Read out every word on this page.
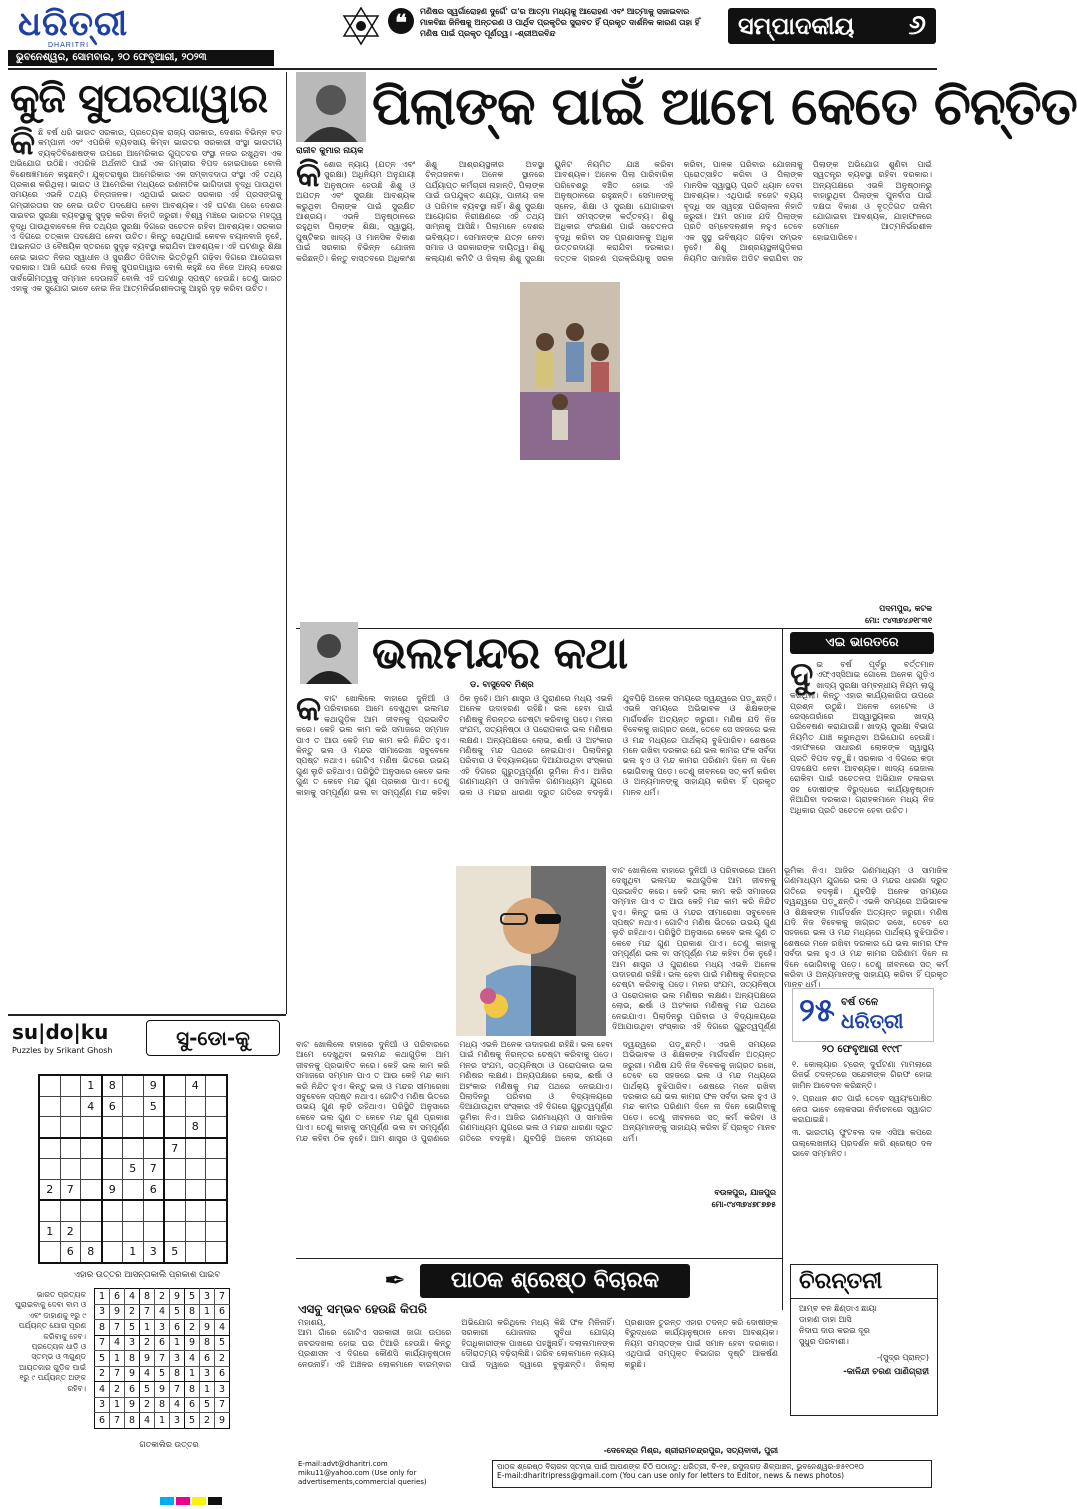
ଧରିତ୍ରୀ
DHARITRI
ଭୁବନେଶ୍ୱର, ସୋମବାର, ୨୦ ଫେବୃଆରୀ, ୨୦୨୩
❝	ମଣିଷର ସ୍ୱର୍ଗାରୋହଣ ଦୁର୍ଗେ' ତା'ର ଆତ୍ମା ମଧ୍ୟକୁ ଆରୋହଣ ଏବଂ ଆତ୍ମାକୁ ସଜାଇବାର ମାଳବିଛା ଜିନିଷକୁ ଅନ୍ତରଣ ଓ ପାର୍ଥିବ ପ୍ରକୃତିର ସୁରାବତ ହିଁ ପ୍ରକୃତ ଦାର୍ଶନିକ କାରଣ ତାହା ହିଁ ମଣିଷ ପାଇଁ ପ୍ରକୃତ ପୂର୍ଣତ୍ୱ। -ଶ୍ରୀଅରବିନ୍ଦ	ସମ୍ପାଦକୀୟ ୬
କୁଜି ସୁପରପାୱାର
କିଛି ବର୍ଷ ଧରି ଭାରତ ସରକାର, ପ୍ରତ୍ୟେକ ରାଜ୍ୟ ସରକାର, ଦେଶର ବିଭିନ୍ନ ବଡ଼ କମ୍ପାନୀ ଏବଂ ଏପରିକି ବ୍ୟବସାୟ କିମ୍ବା ଭାରତର ସରକାରୀ ସଂସ୍ଥା ଭାରତୀୟ ବ୍ୟକ୍ତିବିଶେଷଙ୍କ ଉପରେ ଆମେରିକାର ଗୁପ୍ତଚର ସଂସ୍ଥା ନଜର ରଖୁଥିବା ଏକ ଅଭିଯୋଗ ଉଠିଛି। ଏପରିକି ଅର୍ଥନୀତି ପାଇଁ ଏକ ଗମ୍ଭୀର ବିପଦ ହୋଇପାରେ ବୋଲି ବିଶେଷଜ୍ଞମାନେ କହୁଛନ୍ତି। ଯୁକ୍ତରାଷ୍ଟ୍ର ଆମେରିକାର ଏକ ସମ୍ବାଦଦାତା ସଂସ୍ଥା ଏହି ତଥ୍ୟ ପ୍ରକାଶ କରିଥିଲା। ଭାରତ ଓ ଆମେରିକା ମଧ୍ୟରେ ରଣନୀତିକ ଭାଗିଦାରୀ ବୃଦ୍ଧି ପାଉଥିବା ସମୟରେ ଏଭଳି ତଥ୍ୟ ଚିନ୍ତାଜନକ। ଏଥିପାଇଁ ଭାରତ ସରକାର ଏହି ପ୍ରସଙ୍ଗକୁ ଗମ୍ଭୀରତାର ସହ ନେଇ ଉଚିତ ପଦକ୍ଷେପ ନେବା ଆବଶ୍ୟକ। ଏହି ଘଟଣା ପରେ ଦେଶର ସାଇବର ସୁରକ୍ଷା ବ୍ୟବସ୍ଥାକୁ ସୁଦୃଢ଼ କରିବା ନିହାତି ଜରୁରୀ। ବିଶ୍ୱ ମଞ୍ଚରେ ଭାରତର ମହତ୍ତ୍ୱ ବୃଦ୍ଧି ପାଉଥିବାବେଳେ ନିଜ ତଥ୍ୟର ସୁରକ୍ଷା ଦିଗରେ ସଚେତନ ରହିବା ଆବଶ୍ୟକ। ସରକାର ଏ ଦିଗରେ ତତ୍କାଳ ପଦକ୍ଷେପ ନେବା ଉଚିତ। କିନ୍ତୁ ସେଥିପାଇଁ କେବଳ ବୟାନବାଜି ନୁହେଁ, ଆଇନଗତ ଓ ବୈଷୟିକ ସ୍ତରରେ ସୁଦୃଢ଼ ବ୍ୟବସ୍ଥା କରାଯିବା ଆବଶ୍ୟକ। ଏହି ଘଟଣାରୁ ଶିକ୍ଷା ନେଇ ଭାରତ ନିଜର ସ୍ୱାଧୀନ ଓ ସୁରକ୍ଷିତ ଡିଜିଟାଲ ଭିତ୍ତିଭୂମି ଗଢ଼ିବା ଦିଗରେ ଆଗେଇବା ଦରକାର। ଆଜି ଯେଉଁ ଦେଶ ନିଜକୁ ସୁପରପାୱାର ବୋଲି କହୁଛି ସେ ନିଜେ ଅନ୍ୟ ଦେଶର ସାର୍ବଭୌମତ୍ୱକୁ ସମ୍ମାନ ଦେଉନାହିଁ ବୋଲି ଏହି ଘଟଣାରୁ ସ୍ପଷ୍ଟ ହେଉଛି। ତେଣୁ ଭାରତ ଏହାକୁ ଏକ ସୁଯୋଗ ଭାବେ ନେଇ ନିଜ ଆତ୍ମନିର୍ଭରଶୀଳତାକୁ ଆହୁରି ଦୃଢ଼ କରିବା ଉଚିତ।
ରାଜୀବ କୁମାର ନାୟକ
ପିଲାଙ୍କ ପାଇଁ ଆମେ କେତେ ଚିନ୍ତିତ
କିଶୋର ନ୍ୟାୟ (ଯତ୍ନ ଏବଂ ସୁରକ୍ଷା) ଅଧିନିୟମ ଅନୁଯାୟୀ ଅନୁଷ୍ଠାନ ହେଉଛି ଶିଶୁ ଓ ଅଯତ୍ନ ଏବଂ ସୁରକ୍ଷା ଆବଶ୍ୟକ କରୁଥିବା ପିଲାଙ୍କ ପାଇଁ ସୁରକ୍ଷିତ ଆଶ୍ରୟ। ଏଭଳି ଅନୁଷ୍ଠାନରେ ରହୁଥିବା ପିଲାଙ୍କ ଶିକ୍ଷା, ସ୍ୱାସ୍ଥ୍ୟ, ପୁଷ୍ଟିକର ଖାଦ୍ୟ ଓ ମାନସିକ ବିକାଶ ପାଇଁ ସରକାର ବିଭିନ୍ନ ଯୋଜନା କରିଛନ୍ତି। କିନ୍ତୁ ବାସ୍ତବରେ ଅଧିକାଂଶ ଶିଶୁ ଆଶ୍ରୟସ୍ଥଳୀର ଅବସ୍ଥା ଚିନ୍ତାଜନକ। ଅନେକ ସ୍ଥାନରେ ପର୍ଯ୍ୟାପ୍ତ କର୍ମଚାରୀ ନାହାନ୍ତି, ପିଲାଙ୍କ ପାଇଁ ଉପଯୁକ୍ତ ଶଯ୍ୟା, ପାନୀୟ ଜଳ ଓ ପରିମଳ ବ୍ୟବସ୍ଥା ନାହିଁ। ଶିଶୁ ସୁରକ୍ଷା ଆୟୋଗର ନିରୀକ୍ଷଣରେ ଏହି ତଥ୍ୟ ସାମ୍ନାକୁ ଆସିଛି। ପିଲାମାନେ ଦେଶର ଭବିଷ୍ୟତ। ସେମାନଙ୍କ ଯତ୍ନ ନେବା ସମାଜ ଓ ସରକାରଙ୍କ ଦାୟିତ୍ୱ। ଶିଶୁ କଲ୍ୟାଣ କମିଟି ଓ ଜିଲ୍ଲା ଶିଶୁ ସୁରକ୍ଷା ୟୁନିଟ ନିୟମିତ ଯାଞ୍ଚ କରିବା ଆବଶ୍ୟକ। ଅନେକ ପିଲା ପାରିବାରିକ ପରିବେଶରୁ ବଞ୍ଚିତ ହୋଇ ଏହି ଅନୁଷ୍ଠାନରେ ରହୁଛନ୍ତି। ସେମାନଙ୍କୁ ସ୍ନେହ, ଶିକ୍ଷା ଓ ସୁରକ୍ଷା ଯୋଗାଇବା ଆମ ସମସ୍ତଙ୍କ କର୍ତ୍ତବ୍ୟ। ଶିଶୁ ଅଧିକାର ସଂରକ୍ଷଣ ପାଇଁ ସଚେତନତା ବୃଦ୍ଧି କରିବା ସହ ପ୍ରଶାସନକୁ ଅଧିକ ଉତ୍ତରଦାୟୀ କରାଯିବା ଦରକାର। ଦତ୍ତକ ଗ୍ରହଣ ପ୍ରକ୍ରିୟାକୁ ସରଳ କରିବା, ପାଳକ ପରିବାର ଯୋଜନାକୁ ପ୍ରୋତ୍ସାହିତ କରିବା ଓ ପିଲାଙ୍କ ମାନସିକ ସ୍ୱାସ୍ଥ୍ୟ ପ୍ରତି ଧ୍ୟାନ ଦେବା ଆବଶ୍ୟକ। ଏଥିପାଇଁ ବଜେଟ ବ୍ୟୟ ବୃଦ୍ଧି ସହ ସ୍ୱଚ୍ଛ ପରିଚାଳନା ନିହାତି ଜରୁରୀ। ଆମ ସମାଜ ଯଦି ପିଲାଙ୍କ ପ୍ରତି ସମ୍ବେଦନଶୀଳ ନହୁଏ ତେବେ ଏକ ସୁସ୍ଥ ଭବିଷ୍ୟତ ଗଢ଼ିବା ସମ୍ଭବ ନୁହେଁ। ଶିଶୁ ଆଶ୍ରୟସ୍ଥଳୀଗୁଡ଼ିକର ନିୟମିତ ସାମାଜିକ ଅଡିଟ କରାଯିବା ସହ ପିଲାଙ୍କ ଅଭିଯୋଗ ଶୁଣିବା ପାଇଁ ସ୍ୱତନ୍ତ୍ର ବ୍ୟବସ୍ଥା ରହିବା ଦରକାର। ଅନ୍ୟପକ୍ଷରେ ଏଭଳି ଅନୁଷ୍ଠାନରୁ ବାହାରୁଥିବା ପିଲାଙ୍କ ପୁନର୍ବାସ ପାଇଁ ଦକ୍ଷତା ବିକାଶ ଓ ବୃତ୍ତିଗତ ତାଲିମ ଯୋଗାଇବା ଆବଶ୍ୟକ, ଯାହାଫଳରେ ସେମାନେ ଆତ୍ମନିର୍ଭରଶୀଳ ହୋଇପାରିବେ।
ପଦମପୁର, କଟକ
ମୋ: ୯୪୩୭୪୬୧୮୩୧
ଡ. ବାସୁଦେବ ମିଶ୍ର
ଭଲମନ୍ଦର କଥା
କବାଟ ଖୋଲିଲେ ବାହାରେ ଦୁନିଆଁ ଓ ପରିବାରରେ ଆମେ ଦେଖୁଥିବା ଭଲମନ୍ଦ କଥାଗୁଡ଼ିକ ଆମ ଜୀବନକୁ ପ୍ରଭାବିତ କରେ। କେହି ଭଲ କାମ କରି ସମାଜରେ ସମ୍ମାନ ପାଏ ତ ଆଉ କେହି ମନ୍ଦ କାମ କରି ନିନ୍ଦିତ ହୁଏ। କିନ୍ତୁ ଭଲ ଓ ମନ୍ଦର ସୀମାରେଖା ସବୁବେଳେ ସ୍ପଷ୍ଟ ନଥାଏ। ଗୋଟିଏ ମଣିଷ ଭିତରେ ଉଭୟ ଗୁଣ ଲୁଚି ରହିଥାଏ। ପରିସ୍ଥିତି ଅନୁସାରେ କେବେ ଭଲ ଗୁଣ ତ କେବେ ମନ୍ଦ ଗୁଣ ପ୍ରକାଶ ପାଏ। ତେଣୁ କାହାକୁ ସମ୍ପୂର୍ଣ୍ଣ ଭଲ ବା ସମ୍ପୂର୍ଣ୍ଣ ମନ୍ଦ କହିବା ଠିକ ନୁହେଁ। ଆମ ଶାସ୍ତ୍ର ଓ ପୁରାଣରେ ମଧ୍ୟ ଏଭଳି ଅନେକ ଉଦାହରଣ ରହିଛି। ଭଲ ହେବା ପାଇଁ ମଣିଷକୁ ନିରନ୍ତର ଚେଷ୍ଟା କରିବାକୁ ପଡ଼େ। ମନର ସଂଯମ, ସତ୍ୟନିଷ୍ଠା ଓ ପରୋପକାର ଭଲ ମଣିଷର ଲକ୍ଷଣ। ଅନ୍ୟପକ୍ଷରେ ଲୋଭ, ଈର୍ଷା ଓ ଅହଂକାର ମଣିଷକୁ ମନ୍ଦ ପଥରେ ନେଇଯାଏ। ପିଲାଦିନରୁ ପରିବାର ଓ ବିଦ୍ୟାଳୟରେ ଦିଆଯାଉଥିବା ସଂସ୍କାର ଏହି ଦିଗରେ ଗୁରୁତ୍ୱପୂର୍ଣ୍ଣ ଭୂମିକା ନିଏ। ଆଜିର ଗଣମାଧ୍ୟମ ଓ ସାମାଜିକ ଗଣମାଧ୍ୟମ ଯୁଗରେ ଭଲ ଓ ମନ୍ଦର ଧାରଣା ଦ୍ରୁତ ଗତିରେ ବଦଳୁଛି। ଯୁବପିଢ଼ି ଅନେକ ସମୟରେ ଦ୍ୱନ୍ଦ୍ୱରେ ପଡ଼ୁଛନ୍ତି। ଏଭଳି ସମୟରେ ଅଭିଭାବକ ଓ ଶିକ୍ଷକଙ୍କ ମାର୍ଗଦର୍ଶନ ଅତ୍ୟନ୍ତ ଜରୁରୀ। ମଣିଷ ଯଦି ନିଜ ବିବେକକୁ ଜାଗ୍ରତ ରଖେ, ତେବେ ସେ ସହଜରେ ଭଲ ଓ ମନ୍ଦ ମଧ୍ୟରେ ପାର୍ଥକ୍ୟ ବୁଝିପାରିବ। ଶେଷରେ ମନେ ରଖିବା ଦରକାର ଯେ ଭଲ କାମର ଫଳ ସର୍ବଦା ଭଲ ହୁଏ ଓ ମନ୍ଦ କାମର ପରିଣାମ ଦିନେ ନା ଦିନେ ଭୋଗିବାକୁ ପଡ଼େ। ତେଣୁ ଜୀବନରେ ସତ୍ କର୍ମ କରିବା ଓ ଅନ୍ୟମାନଙ୍କୁ ସାହାଯ୍ୟ କରିବା ହିଁ ପ୍ରକୃତ ମାନବ ଧର୍ମ।
ବାଟ ଖୋଲିଲେ ବାହାରେ ଦୁନିଆଁ ଓ ପରିବାରରେ ଆମେ ଦେଖୁଥିବା ଭଲମନ୍ଦ କଥାଗୁଡ଼ିକ ଆମ ଜୀବନକୁ ପ୍ରଭାବିତ କରେ। କେହି ଭଲ କାମ କରି ସମାଜରେ ସମ୍ମାନ ପାଏ ତ ଆଉ କେହି ମନ୍ଦ କାମ କରି ନିନ୍ଦିତ ହୁଏ। କିନ୍ତୁ ଭଲ ଓ ମନ୍ଦର ସୀମାରେଖା ସବୁବେଳେ ସ୍ପଷ୍ଟ ନଥାଏ। ଗୋଟିଏ ମଣିଷ ଭିତରେ ଉଭୟ ଗୁଣ ଲୁଚି ରହିଥାଏ। ପରିସ୍ଥିତି ଅନୁସାରେ କେବେ ଭଲ ଗୁଣ ତ କେବେ ମନ୍ଦ ଗୁଣ ପ୍ରକାଶ ପାଏ। ତେଣୁ କାହାକୁ ସମ୍ପୂର୍ଣ୍ଣ ଭଲ ବା ସମ୍ପୂର୍ଣ୍ଣ ମନ୍ଦ କହିବା ଠିକ ନୁହେଁ। ଆମ ଶାସ୍ତ୍ର ଓ ପୁରାଣରେ ମଧ୍ୟ ଏଭଳି ଅନେକ ଉଦାହରଣ ରହିଛି। ଭଲ ହେବା ପାଇଁ ମଣିଷକୁ ନିରନ୍ତର ଚେଷ୍ଟା କରିବାକୁ ପଡ଼େ। ମନର ସଂଯମ, ସତ୍ୟନିଷ୍ଠା ଓ ପରୋପକାର ଭଲ ମଣିଷର ଲକ୍ଷଣ। ଅନ୍ୟପକ୍ଷରେ ଲୋଭ, ଈର୍ଷା ଓ ଅହଂକାର ମଣିଷକୁ ମନ୍ଦ ପଥରେ ନେଇଯାଏ। ପିଲାଦିନରୁ ପରିବାର ଓ ବିଦ୍ୟାଳୟରେ ଦିଆଯାଉଥିବା ସଂସ୍କାର ଏହି ଦିଗରେ ଗୁରୁତ୍ୱପୂର୍ଣ୍ଣ ଭୂମିକା ନିଏ। ଆଜିର ଗଣମାଧ୍ୟମ ଓ ସାମାଜିକ ଗଣମାଧ୍ୟମ ଯୁଗରେ ଭଲ ଓ ମନ୍ଦର ଧାରଣା ଦ୍ରୁତ ଗତିରେ ବଦଳୁଛି। ଯୁବପିଢ଼ି ଅନେକ ସମୟରେ ଦ୍ୱନ୍ଦ୍ୱରେ ପଡ଼ୁଛନ୍ତି। ଏଭଳି ସମୟରେ ଅଭିଭାବକ ଓ ଶିକ୍ଷକଙ୍କ ମାର୍ଗଦର୍ଶନ ଅତ୍ୟନ୍ତ ଜରୁରୀ। ମଣିଷ ଯଦି ନିଜ ବିବେକକୁ ଜାଗ୍ରତ ରଖେ, ତେବେ ସେ ସହଜରେ ଭଲ ଓ ମନ୍ଦ ମଧ୍ୟରେ ପାର୍ଥକ୍ୟ ବୁଝିପାରିବ। ଶେଷରେ ମନେ ରଖିବା ଦରକାର ଯେ ଭଲ କାମର ଫଳ ସର୍ବଦା ଭଲ ହୁଏ ଓ ମନ୍ଦ କାମର ପରିଣାମ ଦିନେ ନା ଦିନେ ଭୋଗିବାକୁ ପଡ଼େ। ତେଣୁ ଜୀବନରେ ସତ୍ କର୍ମ କରିବା ଓ ଅନ୍ୟମାନଙ୍କୁ ସାହାଯ୍ୟ କରିବା ହିଁ ପ୍ରକୃତ ମାନବ ଧର୍ମ।
ବାଟ ଖୋଲିଲେ ବାହାରେ ଦୁନିଆଁ ଓ ପରିବାରରେ ଆମେ ଦେଖୁଥିବା ଭଲମନ୍ଦ କଥାଗୁଡ଼ିକ ଆମ ଜୀବନକୁ ପ୍ରଭାବିତ କରେ। କେହି ଭଲ କାମ କରି ସମାଜରେ ସମ୍ମାନ ପାଏ ତ ଆଉ କେହି ମନ୍ଦ କାମ କରି ନିନ୍ଦିତ ହୁଏ। କିନ୍ତୁ ଭଲ ଓ ମନ୍ଦର ସୀମାରେଖା ସବୁବେଳେ ସ୍ପଷ୍ଟ ନଥାଏ। ଗୋଟିଏ ମଣିଷ ଭିତରେ ଉଭୟ ଗୁଣ ଲୁଚି ରହିଥାଏ। ପରିସ୍ଥିତି ଅନୁସାରେ କେବେ ଭଲ ଗୁଣ ତ କେବେ ମନ୍ଦ ଗୁଣ ପ୍ରକାଶ ପାଏ। ତେଣୁ କାହାକୁ ସମ୍ପୂର୍ଣ୍ଣ ଭଲ ବା ସମ୍ପୂର୍ଣ୍ଣ ମନ୍ଦ କହିବା ଠିକ ନୁହେଁ। ଆମ ଶାସ୍ତ୍ର ଓ ପୁରାଣରେ ମଧ୍ୟ ଏଭଳି ଅନେକ ଉଦାହରଣ ରହିଛି। ଭଲ ହେବା ପାଇଁ ମଣିଷକୁ ନିରନ୍ତର ଚେଷ୍ଟା କରିବାକୁ ପଡ଼େ। ମନର ସଂଯମ, ସତ୍ୟନିଷ୍ଠା ଓ ପରୋପକାର ଭଲ ମଣିଷର ଲକ୍ଷଣ। ଅନ୍ୟପକ୍ଷରେ ଲୋଭ, ଈର୍ଷା ଓ ଅହଂକାର ମଣିଷକୁ ମନ୍ଦ ପଥରେ ନେଇଯାଏ। ପିଲାଦିନରୁ ପରିବାର ଓ ବିଦ୍ୟାଳୟରେ ଦିଆଯାଉଥିବା ସଂସ୍କାର ଏହି ଦିଗରେ ଗୁରୁତ୍ୱପୂର୍ଣ୍ଣ ଭୂମିକା ନିଏ। ଆଜିର ଗଣମାଧ୍ୟମ ଓ ସାମାଜିକ ଗଣମାଧ୍ୟମ ଯୁଗରେ ଭଲ ଓ ମନ୍ଦର ଧାରଣା ଦ୍ରୁତ ଗତିରେ ବଦଳୁଛି। ଯୁବପିଢ଼ି ଅନେକ ସମୟରେ ଦ୍ୱନ୍ଦ୍ୱରେ ପଡ଼ୁଛନ୍ତି। ଏଭଳି ସମୟରେ ଅଭିଭାବକ ଓ ଶିକ୍ଷକଙ୍କ ମାର୍ଗଦର୍ଶନ ଅତ୍ୟନ୍ତ ଜରୁରୀ। ମଣିଷ ଯଦି ନିଜ ବିବେକକୁ ଜାଗ୍ରତ ରଖେ, ତେବେ ସେ ସହଜରେ ଭଲ ଓ ମନ୍ଦ ମଧ୍ୟରେ ପାର୍ଥକ୍ୟ ବୁଝିପାରିବ। ଶେଷରେ ମନେ ରଖିବା ଦରକାର ଯେ ଭଲ କାମର ଫଳ ସର୍ବଦା ଭଲ ହୁଏ ଓ ମନ୍ଦ କାମର ପରିଣାମ ଦିନେ ନା ଦିନେ ଭୋଗିବାକୁ ପଡ଼େ। ତେଣୁ ଜୀବନରେ ସତ୍ କର୍ମ କରିବା ଓ ଅନ୍ୟମାନଙ୍କୁ ସାହାଯ୍ୟ କରିବା ହିଁ ପ୍ରକୃତ ମାନବ ଧର୍ମ।
ବଉଳପୁର, ଯାଜପୁର
ମୋ-୯୪୩୭୪୭୮୭୭୫
ଏଇ ଭାରତରେ
ଦୁଇ ବର୍ଷ ପୂର୍ବରୁ ବର୍ତ୍ତମାନ ଏଫ୍‌ଏସ୍‌ସିଆଇ ଗୋଲେ ଅନେକ ଗୁଡ଼ିଏ ଖାଦ୍ୟ ସୁରକ୍ଷା ସମ୍ବନ୍ଧୀୟ ନିୟମ ଲାଗୁ କରିଥିଲା। କିନ୍ତୁ ଏହାର କାର୍ଯ୍ୟକାରିତା ଉପରେ ପ୍ରଶ୍ନ ଉଠୁଛି। ଅନେକ ହୋଟେଲ ଓ ରେସ୍ତୋରାଁରେ ଅସ୍ୱାସ୍ଥ୍ୟକର ଖାଦ୍ୟ ପରିବେଷଣ କରାଯାଉଛି। ଖାଦ୍ୟ ସୁରକ୍ଷା ବିଭାଗ ନିୟମିତ ଯାଞ୍ଚ କରୁନଥିବା ଅଭିଯୋଗ ହେଉଛି। ଏହାଫଳରେ ସାଧାରଣ ଲୋକଙ୍କ ସ୍ୱାସ୍ଥ୍ୟ ପ୍ରତି ବିପଦ ବଢ଼ୁଛି। ସରକାର ଏ ଦିଗରେ କଡ଼ା ପଦକ୍ଷେପ ନେବା ଆବଶ୍ୟକ। ଖାଦ୍ୟ ଭେଜାଲ ରୋକିବା ପାଇଁ ସଚେତନତା ଅଭିଯାନ ଚଳାଇବା ସହ ଦୋଷୀଙ୍କ ବିରୁଦ୍ଧରେ କାର୍ଯ୍ୟାନୁଷ୍ଠାନ ନିଆଯିବା ଦରକାର। ଗ୍ରାହକମାନେ ମଧ୍ୟ ନିଜ ଅଧିକାର ପ୍ରତି ସଚେତନ ହେବା ଉଚିତ।
୨୫ ବର୍ଷ ତଳେ
ଧରିତ୍ରୀ
୨୦ ଫେବୃଆରୀ ୧୯୯୮
୧. କୋଲ୍ୟାର ଟ୍ରେନ୍ ଦୁର୍ଘଟଣା ମାମଲାରେ ରିଜର୍ଭ ତଦନ୍ତରେ ସନ୍ଦେହୀଙ୍କ ଗିରଫ ହୋଇ ଜାମିନ ଆବେଦନ କରିଛନ୍ତି।
୨. ପ୍ରଧାନ ଶତ ପାଇଁ ତେବେ ସ୍ୱୟଂପୋଷିତ ନେତା ଭାବେ ଲୋକସଭା ନିର୍ବାଚନରେ ସ୍ୱାଗତ କରାଯାଇଛି।
୩. ଭାରତୀୟ ଫୁଟବଲ ଦଳ ଏସିଆ କପରେ ଉଲ୍ଲେଖନୀୟ ପ୍ରଦର୍ଶନ କରି ଶ୍ରେଷ୍ଠ ଦଳ ଭାବେ ସମ୍ମାନିତ।
su|do|ku
Puzzles by Srikant Ghosh
ସୁ-ଡୋ-କୁ
		1	8		9		4	
		4	6		5			
							8	
						7		
				5	7			
2	7		9		6			

1	2							
	6	8		1	3	5		
ଏହାର ଉତ୍ତର ଆସନ୍ତାକାଲି ପ୍ରକାଶ ପାଇବ
ଭାରତ ପ୍ରତ୍ୟକ ଘୁରାଇବାକୁ ଦେବା ବାମ ଓ ଏବଂ ଡାହାଣକୁ ୧ରୁ ୯ ପର୍ଯ୍ୟନ୍ତ ଯୋଗ ପୂରଣ କରିବାକୁ ହେବ। ପ୍ରତ୍ୟେକ ଧାଡ଼ି ଓ ସ୍ତମ୍ଭ ଓ ୩ଗୁଣ୍ଡ ଆୟତକାର ଗୁଡ଼ିକ ପାଇଁ ୧ରୁ ୯ ପର୍ଯ୍ୟନ୍ତ ଅଙ୍କ ରହିବ।
1	6	4	8	2	9	5	3	7
3	9	2	7	4	5	8	1	6
8	7	5	1	3	6	2	9	4
7	4	3	2	6	1	9	8	5
5	1	8	9	7	3	4	6	2
2	7	9	4	5	8	1	3	6
4	2	6	5	9	7	8	1	3
3	1	9	2	8	4	6	5	7
6	7	8	4	1	3	5	2	9
ଗତକାଲିର ଉତ୍ତର
✒	ପାଠକ ଶ୍ରେଷ୍ଠ ବିଚାରକ
ଏସବୁ ସମ୍ଭବ ହେଉଛି କିପରି
ମହାଶୟ,
ଆମ ଗାଁରେ ଗୋଟିଏ ସରକାରୀ ଜାଗା ଉପରେ ଜବରଦଖଲ ହୋଇ ଘର ତିଆରି ହେଉଛି। କିନ୍ତୁ ପ୍ରଶାସନ ଏ ଦିଗରେ କୌଣସି କାର୍ଯ୍ୟାନୁଷ୍ଠାନ ନେଉନାହିଁ। ଏହି ଅଞ୍ଚଳର ଲୋକମାନେ ବାରମ୍ବାର ଅଭିଯୋଗ କରିଥିଲେ ମଧ୍ୟ କିଛି ଫଳ ମିଳିନାହିଁ। ସରକାରୀ ଯୋଜନାର ସୁବିଧା ଯୋଗ୍ୟ ହିତାଧିକାରୀଙ୍କ ପାଖରେ ପହଞ୍ଚୁନାହିଁ। ଦଲାଲମାନଙ୍କ ଦୌରାତ୍ମ୍ୟ ବଢ଼ିଚାଲିଛି। ଗରିବ ଲୋକମାନେ ନ୍ୟାୟ ପାଇଁ ଦ୍ୱାରେ ଦ୍ୱାରେ ବୁଲୁଛନ୍ତି। ଜିଲ୍ଲା ପ୍ରଶାସନ ତୁରନ୍ତ ଏହାର ତଦନ୍ତ କରି ଦୋଷୀଙ୍କ ବିରୁଦ୍ଧରେ କାର୍ଯ୍ୟାନୁଷ୍ଠାନ ନେବା ଆବଶ୍ୟକ। ନିୟମ ସମସ୍ତଙ୍କ ପାଇଁ ସମାନ ହେବା ଦରକାର। ଏଥିପାଇଁ ସମ୍ପୃକ୍ତ ବିଭାଗର ଦୃଷ୍ଟି ଆକର୍ଷଣ କରୁଛି।
-ଦେବେନ୍ଦ୍ର ମିଶ୍ର, ଶ୍ରୀରାମଚନ୍ଦ୍ରପୁର, ସତ୍ୟବାଦୀ, ପୁରୀ
ଚିରନ୍ତନୀ
ଆମ୍ବ ବନ ଛିଣ୍ଡାଏ ଛାୟା
ଡାହାଣ ଡାହା ଆସି
ନିଦାଘ ଦାଉ କରଇ ଦୂର
ସୁଧୁର ପରବାଶୀ।
-(ସୁଦ୍ର ପ୍ରାନ୍ତ)
-କାଳିନ୍ଦୀ ଚରଣ ପାଣିଗ୍ରାହୀ
ପାଠକ ଶ୍ରେଷ୍ଠ ବିଚାରକ ସ୍ତମ୍ଭ ପାଇଁ ଆପଣଙ୍କ ଚିଠି ପଠାନ୍ତୁ: ଧରିତ୍ରୀ, ବି-୧୫, ରସୁଲଗଡ଼ ଶିଳ୍ପାଞ୍ଚଳ, ଭୁବନେଶ୍ୱର-୭୫୧୦୧୦
E-mail:dharitripress@gmail.com (You can use only for letters to Editor, news & news photos)
E-mail:advt@dharitri.com
miku11@yahoo.com (Use only for advertisements,commercial queries)
